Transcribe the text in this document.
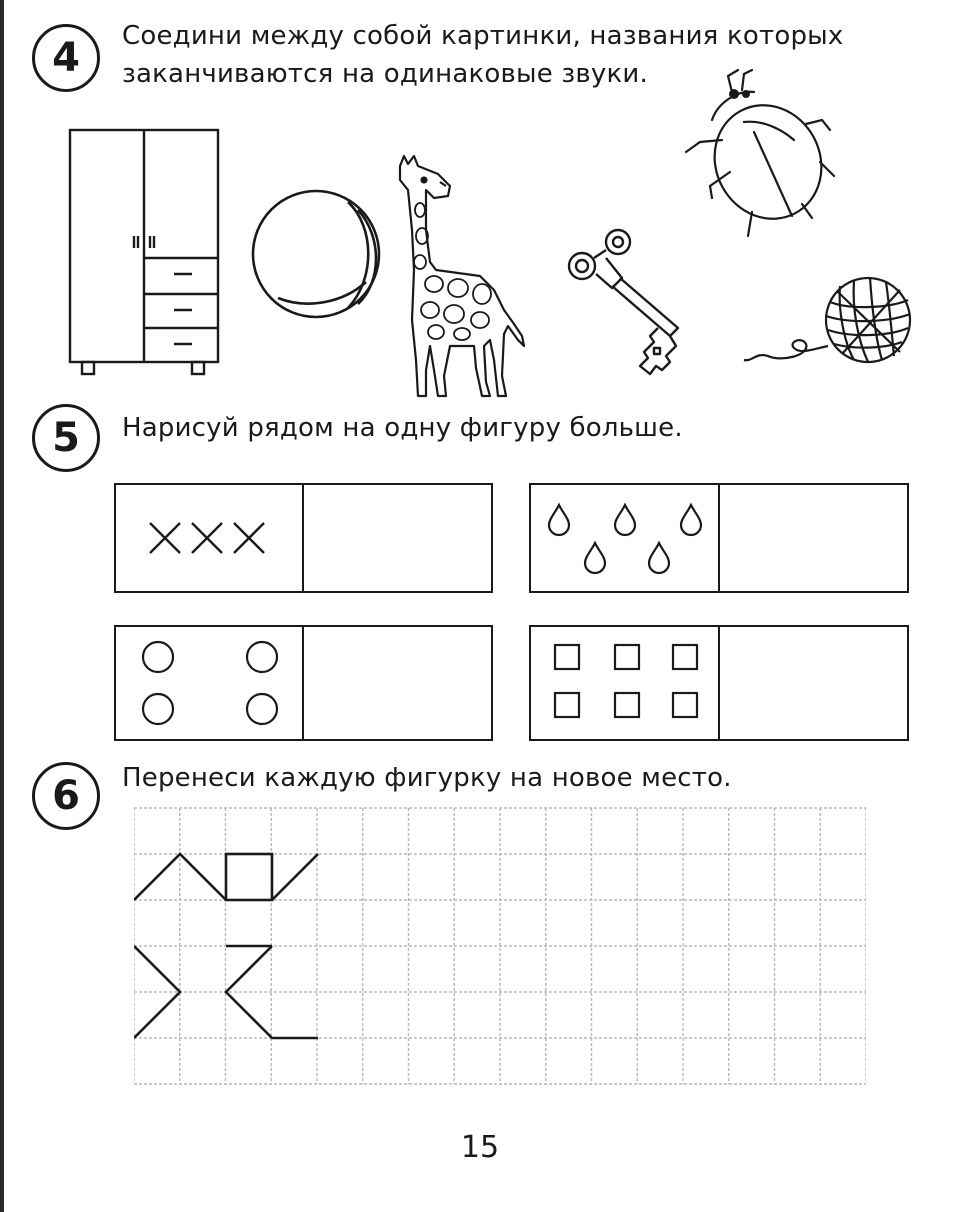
4	Соедини между собой картинки, названия которых
заканчиваются на одинаковые звуки.
5	Нарисуй рядом на одну фигуру больше.
6	Перенеси каждую фигурку на новое место.
15
